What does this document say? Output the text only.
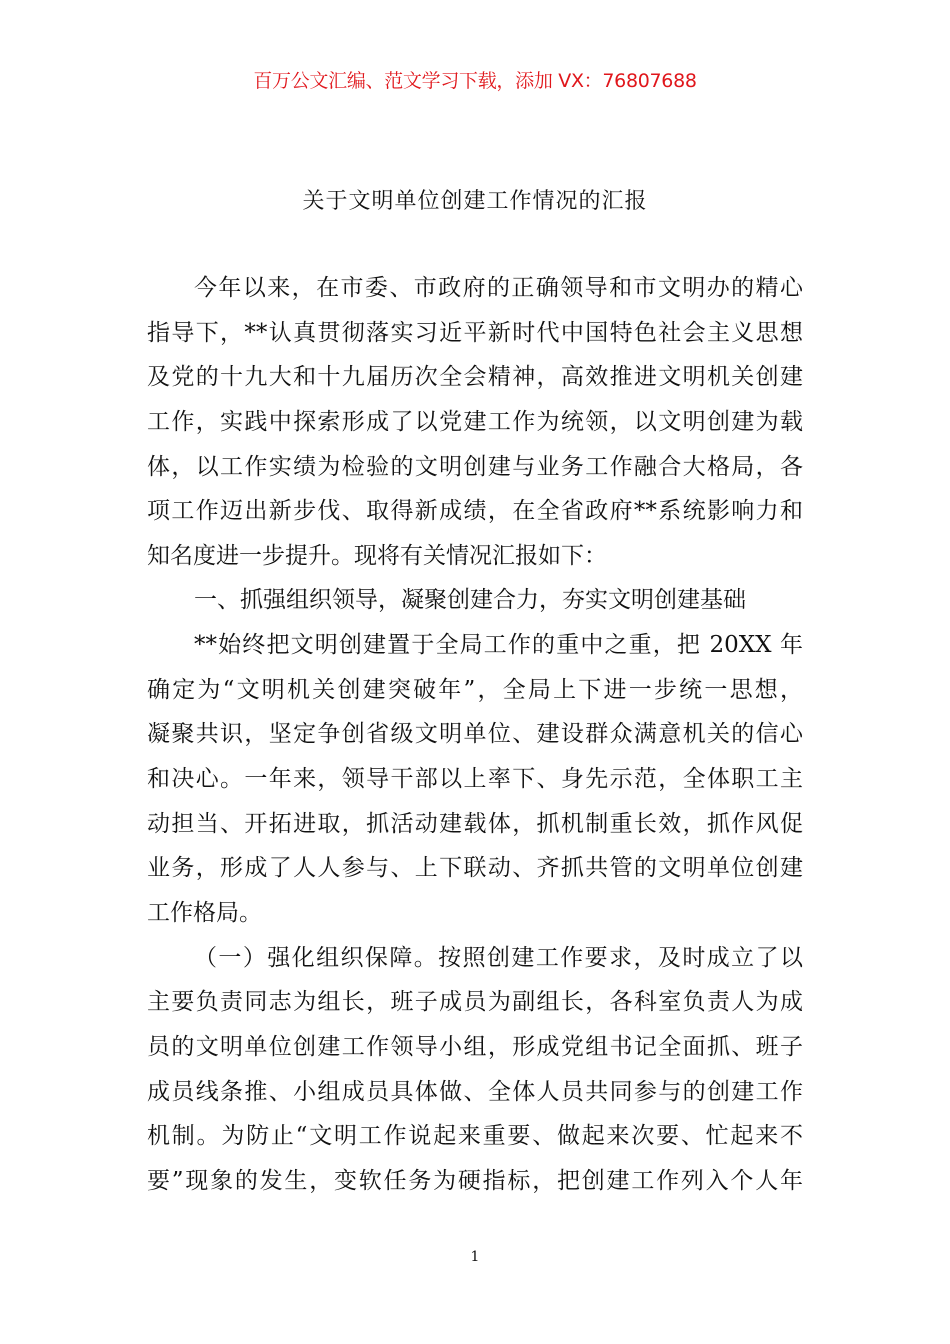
百万公文汇编、范文学习下载，添加 VX：76807688
关于文明单位创建工作情况的汇报
今年以来，在市委、市政府的正确领导和市文明办的精心
指导下，**认真贯彻落实习近平新时代中国特色社会主义思想
及党的十九大和十九届历次全会精神，高效推进文明机关创建
工作，实践中探索形成了以党建工作为统领，以文明创建为载
体，以工作实绩为检验的文明创建与业务工作融合大格局，各
项工作迈出新步伐、取得新成绩，在全省政府**系统影响力和
知名度进一步提升。现将有关情况汇报如下：
一、抓强组织领导，凝聚创建合力，夯实文明创建基础
**始终把文明创建置于全局工作的重中之重，把 20XX 年
确定为“文明机关创建突破年”，全局上下进一步统一思想，
凝聚共识，坚定争创省级文明单位、建设群众满意机关的信心
和决心。一年来，领导干部以上率下、身先示范，全体职工主
动担当、开拓进取，抓活动建载体，抓机制重长效，抓作风促
业务，形成了人人参与、上下联动、齐抓共管的文明单位创建
工作格局。
（一）强化组织保障。按照创建工作要求，及时成立了以
主要负责同志为组长，班子成员为副组长，各科室负责人为成
员的文明单位创建工作领导小组，形成党组书记全面抓、班子
成员线条推、小组成员具体做、全体人员共同参与的创建工作
机制。为防止“文明工作说起来重要、做起来次要、忙起来不
要”现象的发生，变软任务为硬指标，把创建工作列入个人年
1
